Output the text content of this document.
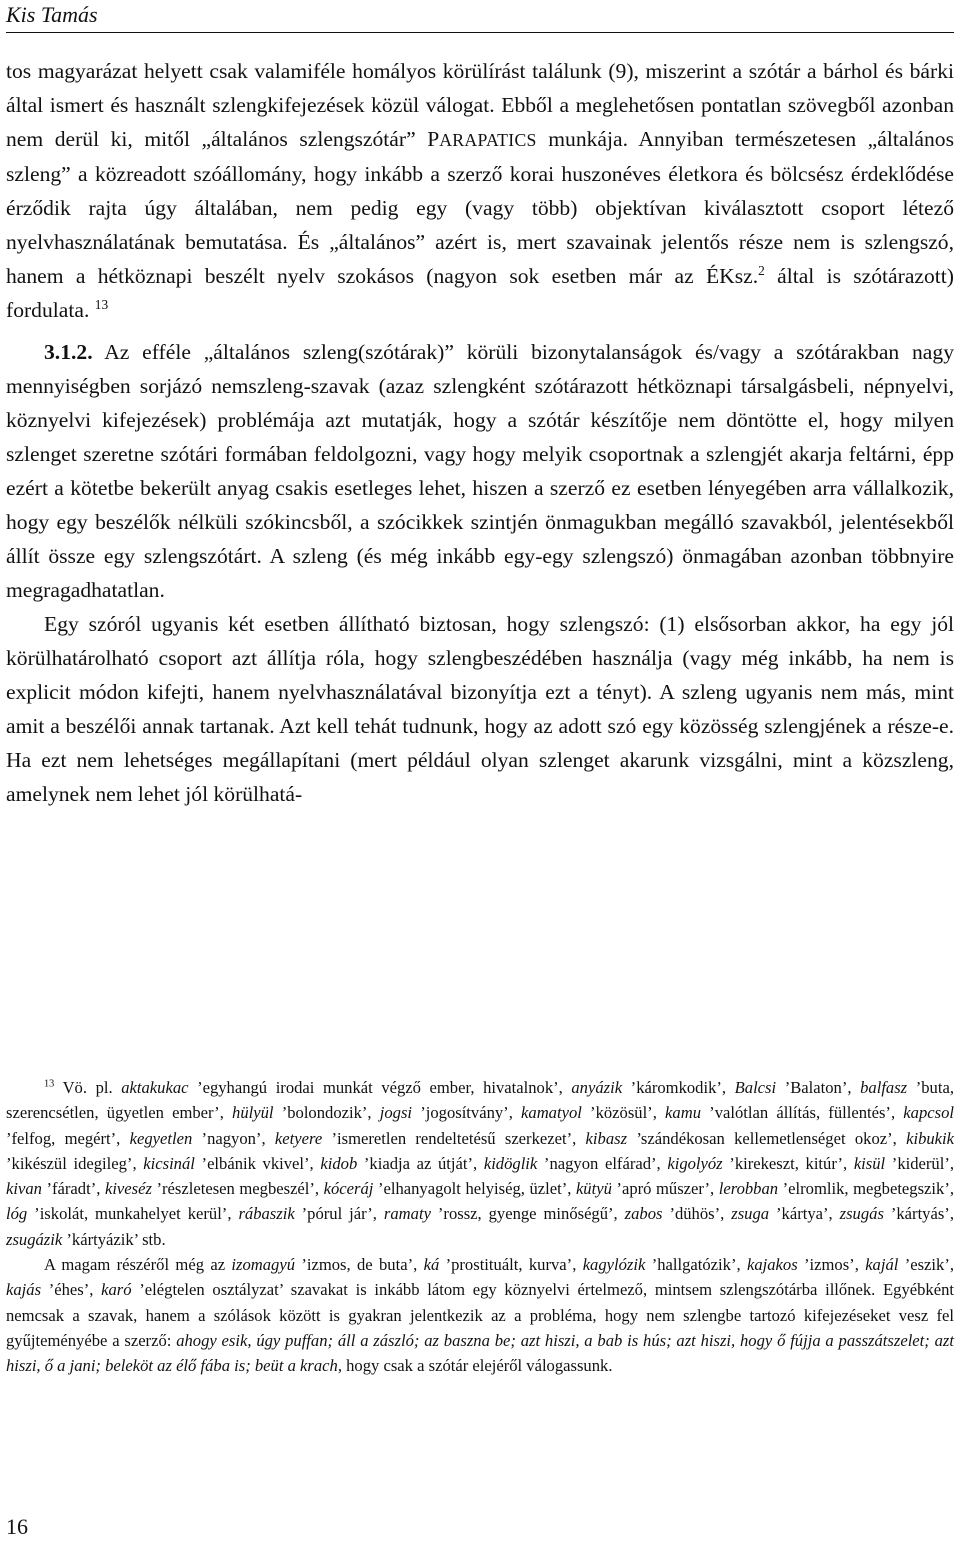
Kis Tamás

tos magyarázat helyett csak valamiféle homályos körülírást találunk (9), miszerint a szótár a bárhol és bárki által ismert és használt szlengkifejezések közül válogat. Ebből a meglehetősen pontatlan szövegből azonban nem derül ki, mitől „általános szlengszótár” PARAPATICS munkája. Annyiban természetesen „általános szleng” a közreadott szóállomány, hogy inkább a szerző korai huszonéves életkora és bölcsész érdeklődése érződik rajta úgy általában, nem pedig egy (vagy több) objektívan kiválasztott csoport létező nyelvhasználatának bemutatása. És „általános” azért is, mert szavainak jelentős része nem is szlengszó, hanem a hétköznapi beszélt nyelv szokásos (nagyon sok esetben már az ÉKsz.$^2$ által is szótárazott) fordulata. $^{13}$

3.1.2. Az efféle „általános szleng(szótárak)” körüli bizonytalanságok és/vagy a szótárakban nagy mennyiségben sorjázó nemszleng-szavak (azaz szlengként szótárazott hétköznapi társalgásbeli, népnyelvi, köznyelvi kifejezések) problémája azt mutatják, hogy a szótár készítője nem döntötte el, hogy milyen szlenget szeretne szótári formában feldolgozni, vagy hogy melyik csoportnak a szlengjét akarja feltárni, épp ezért a kötetbe bekerült anyag csakis esetleges lehet, hiszen a szerző ez esetben lényegében arra vállalkozik, hogy egy beszélők nélküli szókincsből, a szócikkek szintjén önmagukban megálló szavakból, jelentésekből állít össze egy szlengszótárt. A szleng (és még inkább egy-egy szlengszó) önmagában azonban többnyire megragadhatatlan.

Egy szóról ugyanis két esetben állítható biztosan, hogy szlengszó: (1) elsősorban akkor, ha egy jól körülhatárolható csoport azt állítja róla, hogy szlengbeszédében használja (vagy még inkább, ha nem is explicit módon kifejti, hanem nyelvhasználatával bizonyítja ezt a tényt). A szleng ugyanis nem más, mint amit a beszélői annak tartanak. Azt kell tehát tudnunk, hogy az adott szó egy közösség szlengjének a része-e. Ha ezt nem lehetséges megállapítani (mert például olyan szlenget akarunk vizsgálni, mint a közszleng, amelynek nem lehet jól körülhatá-

$^{13}$ Vö. pl. aktakukac ’egyhangú irodai munkát végző ember, hivatalnok’, anyázik ’káromkodik’, Balcsi ’Balaton’, balfasz ’buta, szerencsétlen, ügyetlen ember’, hülyül ’bolondozik’, jogsi ’jogosítvány’, kamatyol ’közösül’, kamu ’valótlan állítás, füllentés’, kapcsol ’felfog, megért’, kegyetlen ’nagyon’, ketyere ’ismeretlen rendeltetésű szerkezet’, kibasz ’szándékosan kellemetlenséget okoz’, kibukik ’kikészül idegileg’, kicsinál ’elbánik vkivel’, kidob ’kiadja az útját’, kidöglik ’nagyon elfárad’, kigolyóz ’kirekeszt, kitúr’, kisül ’kiderül’, kivan ’fáradt’, kiveséz ’részletesen megbeszél’, kóceráj ’elhanyagolt helyiség, üzlet’, kütyü ’apró műszer’, lerobban ’elromlik, megbetegszik’, lóg ’iskolát, munkahelyet kerül’, rábaszik ’pórul jár’, ramaty ’rossz, gyenge minőségű’, zabos ’dühös’, zsuga ’kártya’, zsugás ’kártyás’, zsugázik ’kártyázik’ stb.

A magam részéről még az izomagyú ’izmos, de buta’, ká ’prostituált, kurva’, kagylózik ’hallgatózik’, kajakos ’izmos’, kajál ’eszik’, kajás ’éhes’, karó ’elégtelen osztályzat’ szavakat is inkább látom egy köznyelvi értelmező, mintsem szlengszótárba illőnek. Egyébként nemcsak a szavak, hanem a szólások között is gyakran jelentkezik az a probléma, hogy nem szlengbe tartozó kifejezéseket vesz fel gyűjteményébe a szerző: ahogy esik, úgy puffan; áll a zászló; az baszna be; azt hiszi, a bab is hús; azt hiszi, hogy ő fújja a passzátszelet; azt hiszi, ő a jani; beleköt az élő fába is; beüt a krach, hogy csak a szótár elejéről válogassunk.

16
